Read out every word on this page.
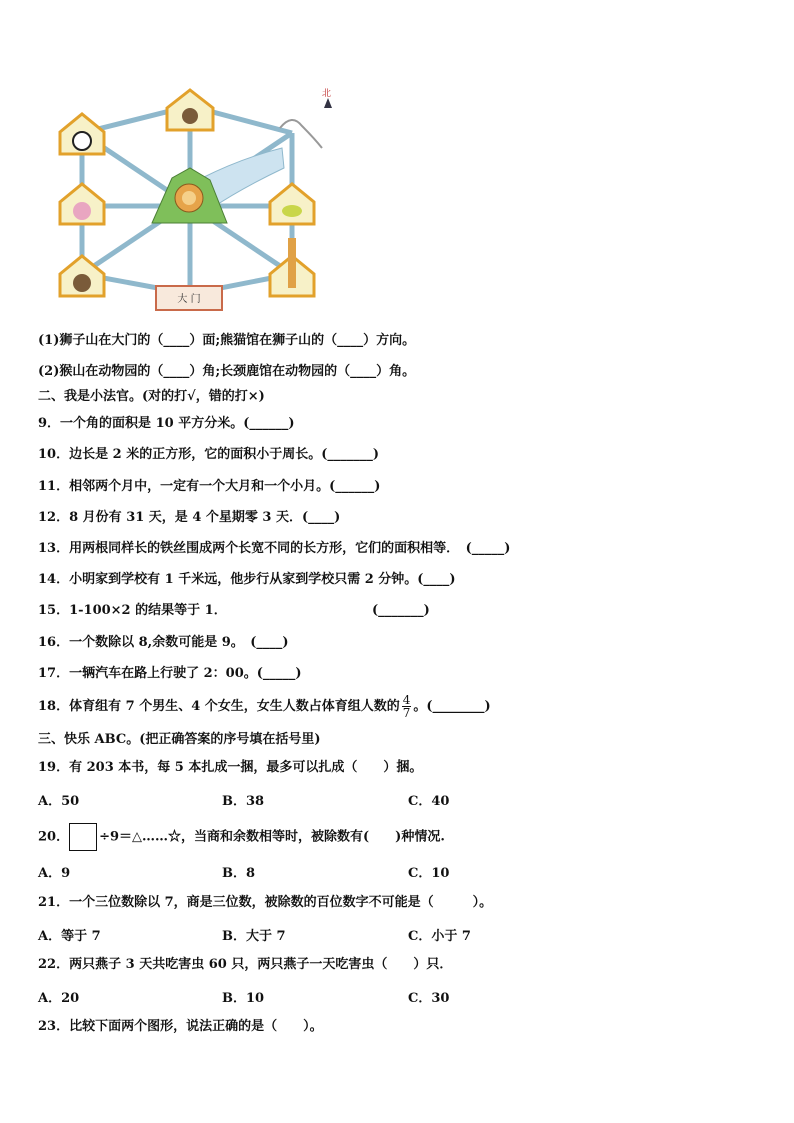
北
大 门
(1)狮子山在大门的（____）面;熊猫馆在狮子山的（____）方向。
(2)猴山在动物园的（____）角;长颈鹿馆在动物园的（____）角。
二、我是小法官。(对的打√，错的打×)
9．一个角的面积是 10 平方分米。(______)
10．边长是 2 米的正方形，它的面积小于周长。(_______)
11．相邻两个月中，一定有一个大月和一个小月。(______)
12．8 月份有 31 天，是 4 个星期零 3 天．(____)
13．用两根同样长的铁丝围成两个长宽不同的长方形，它们的面积相等．　(_____)
14．小明家到学校有 1 千米远，他步行从家到学校只需 2 分钟。(____)
15．1-100×2 的结果等于 1．	(_______)
16．一个数除以 8,余数可能是 9。　(____)
17．一辆汽车在路上行驶了 2：00。(_____)
18．体育组有 7 个男生、4 个女生，女生人数占体育组人数的 $\frac{4}{7}$ 。(________)
三、快乐 ABC。(把正确答案的序号填在括号里)
19．有 203 本书，每 5 本扎成一捆，最多可以扎成（　　）捆。
A．50	B．38	C．40
20． ÷9＝△……☆，当商和余数相等时，被除数有(　　)种情况.
A．9	B．8	C．10
21．一个三位数除以 7，商是三位数，被除数的百位数字不可能是（　　　）。
A．等于 7	B．大于 7	C．小于 7
22．两只燕子 3 天共吃害虫 60 只，两只燕子一天吃害虫（　　）只．
A．20	B．10	C．30
23．比较下面两个图形，说法正确的是（　　）。
